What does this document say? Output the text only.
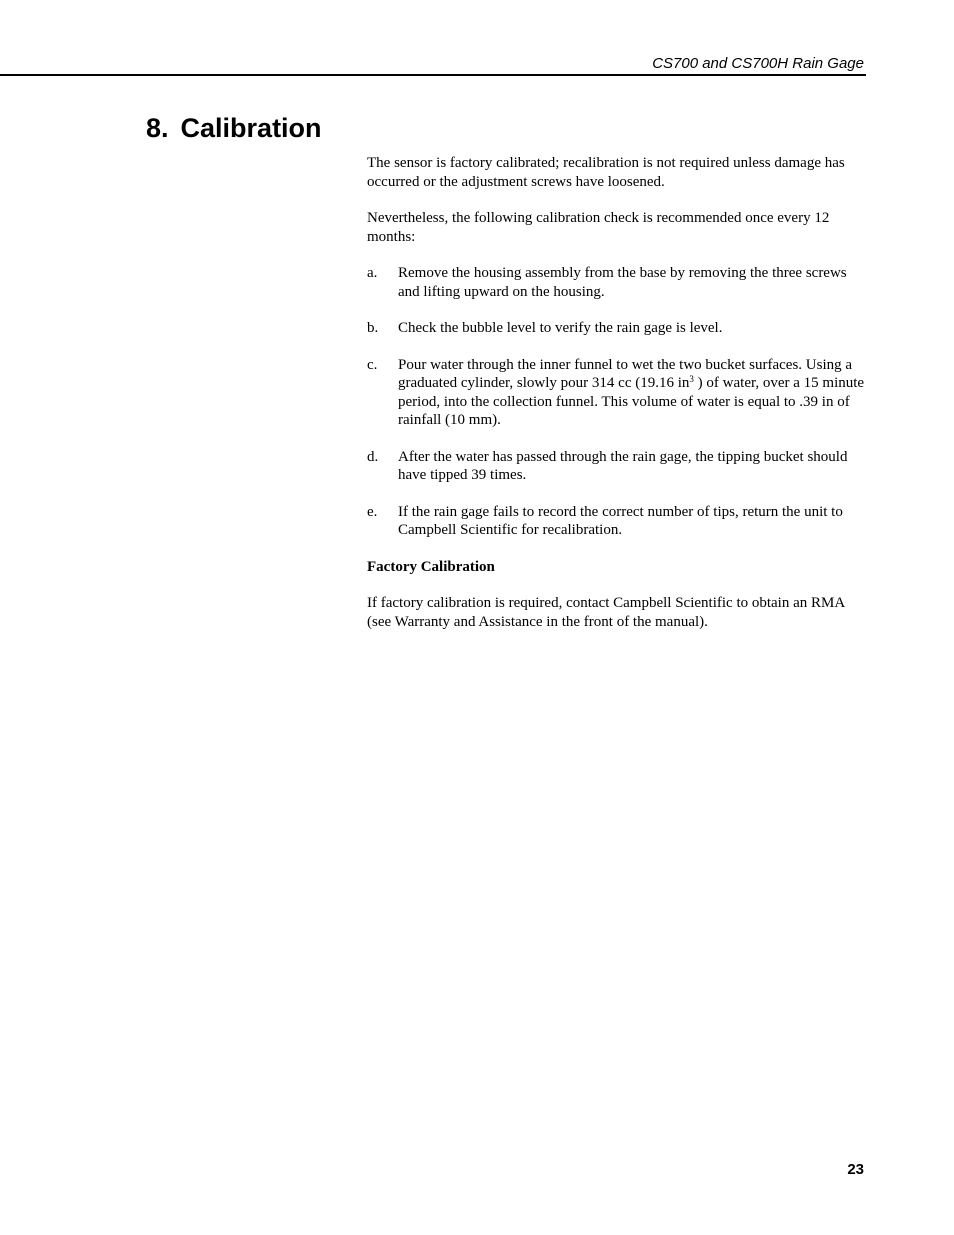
CS700 and CS700H Rain Gage
8. Calibration

The sensor is factory calibrated; recalibration is not required unless damage has occurred or the adjustment screws have loosened.

Nevertheless, the following calibration check is recommended once every 12 months:

a.	Remove the housing assembly from the base by removing the three screws and lifting upward on the housing.
b.	Check the bubble level to verify the rain gage is level.
c.	Pour water through the inner funnel to wet the two bucket surfaces. Using a graduated cylinder, slowly pour 314 cc (19.16 $in^3$ ) of water, over a 15 minute period, into the collection funnel. This volume of water is equal to .39 in of rainfall (10 mm).
d.	After the water has passed through the rain gage, the tipping bucket should have tipped 39 times.
e.	If the rain gage fails to record the correct number of tips, return the unit to Campbell Scientific for recalibration.
Factory Calibration

If factory calibration is required, contact Campbell Scientific to obtain an RMA (see Warranty and Assistance in the front of the manual).

23
